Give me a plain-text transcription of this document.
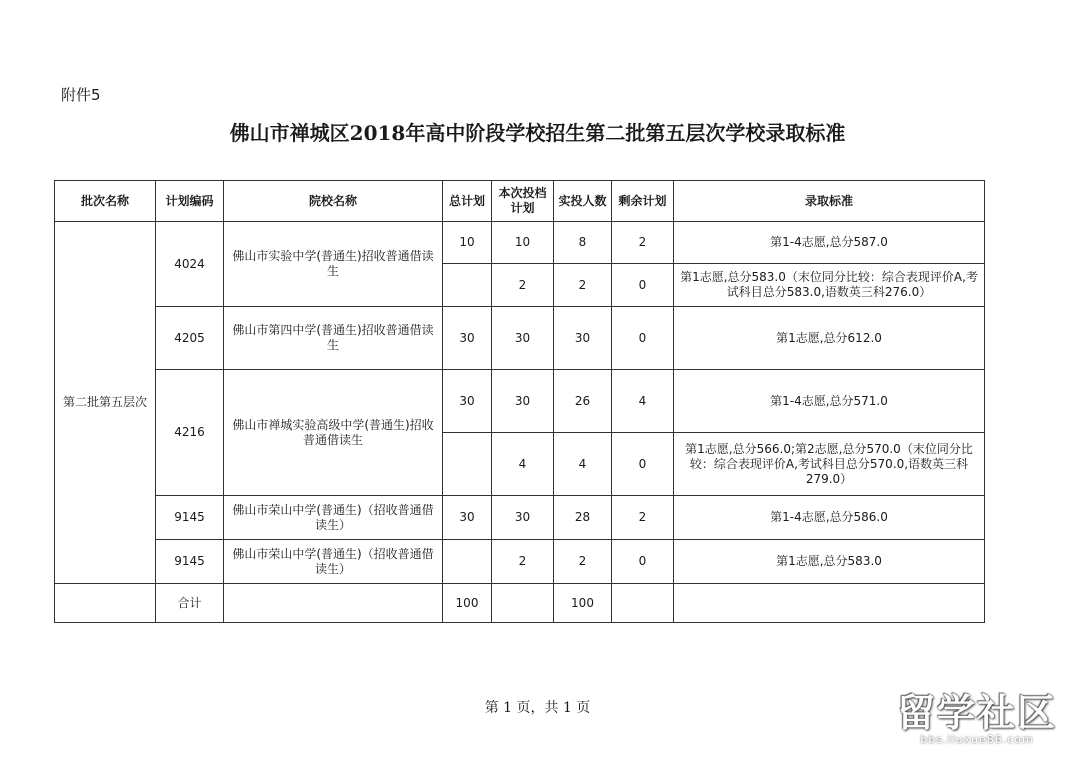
附件5
佛山市禅城区2018年高中阶段学校招生第二批第五层次学校录取标准
批次名称	计划编码	院校名称	总计划	本次投档计划	实投人数	剩余计划	录取标准
第二批第五层次	4024	佛山市实验中学(普通生)招收普通借读生	10	10	8	2	第1-4志愿,总分587.0
				2	2	0	第1志愿,总分583.0（末位同分比较：综合表现评价A,考试科目总分583.0,语数英三科276.0）
	4205	佛山市第四中学(普通生)招收普通借读生	30	30	30	0	第1志愿,总分612.0
	4216	佛山市禅城实验高级中学(普通生)招收普通借读生	30	30	26	4	第1-4志愿,总分571.0
				4	4	0	第1志愿,总分566.0;第2志愿,总分570.0（末位同分比较：综合表现评价A,考试科目总分570.0,语数英三科279.0）
	9145	佛山市荣山中学(普通生)（招收普通借读生）	30	30	28	2	第1-4志愿,总分586.0
	9145	佛山市荣山中学(普通生)（招收普通借读生）		2	2	0	第1志愿,总分583.0
	合计		100		100		
第 1 页，共 1 页	留学社区
bbs.liuxue86.com
